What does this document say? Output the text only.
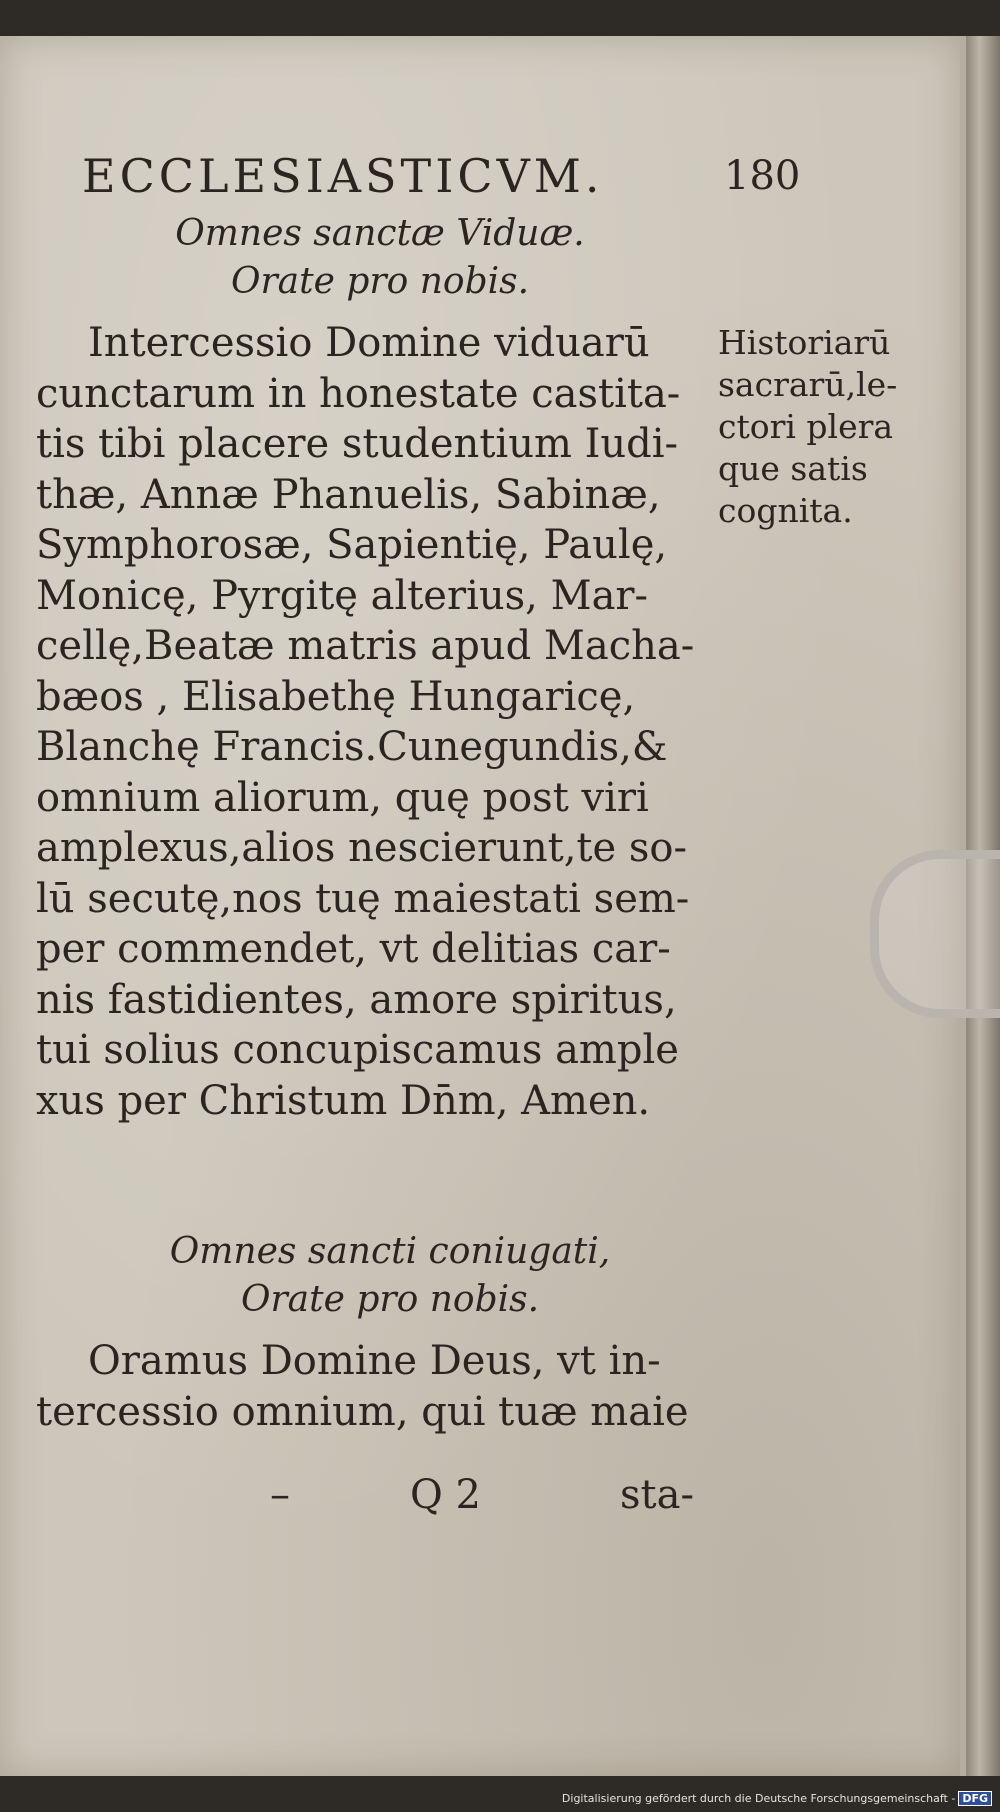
ECCLESIASTICVM.	180
Omnes sanctæ Viduæ.
Orate pro nobis.
Intercessio Domine viduarū
cunctarum in honestate castita-
tis tibi placere studentium Iudi-
thæ, Annæ Phanuelis, Sabinæ,
Symphorosæ, Sapientię, Paulę,
Monicę, Pyrgitę alterius, Mar-
cellę,Beatæ matris apud Macha-
bæos , Elisabethę Hungaricę,
Blanchę Francis.Cunegundis,&
omnium aliorum, quę post viri
amplexus,alios nescierunt,te so-
lū secutę,nos tuę maiestati sem-
per commendet, vt delitias car-
nis fastidientes, amore spiritus,
tui solius concupiscamus ample
xus per Christum Dn̄m, Amen.
Historiarū
sacrarū,le-
ctori plera
que satis
cognita.
Omnes sancti coniugati,
Orate pro nobis.
Oramus Domine Deus, vt in-
tercessio omnium, qui tuæ maie
–	Q 2	sta-
Digitalisierung gefördert durch die Deutsche Forschungsgemeinschaft - DFG
